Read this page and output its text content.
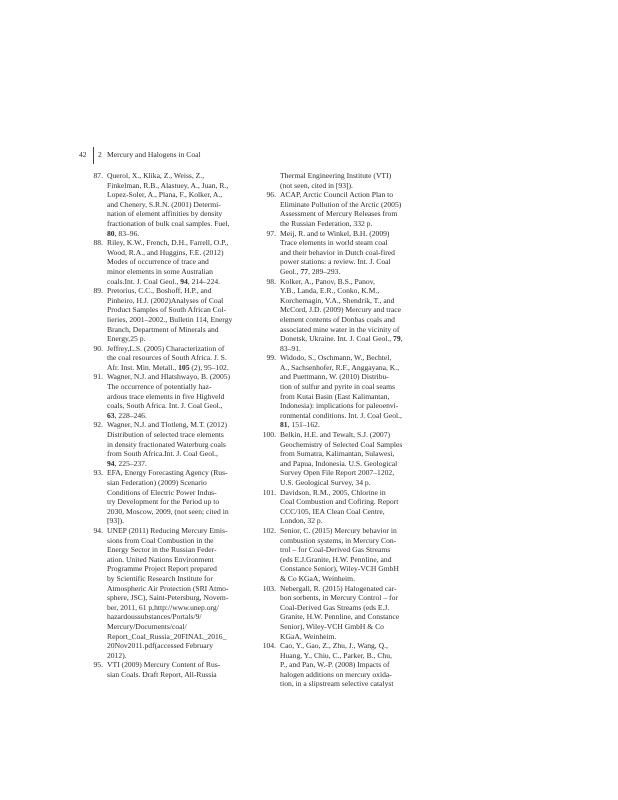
42 2 Mercury and Halogens in Coal
87. Querol, X., Klika, Z., Weiss, Z.,
Finkelman, R.B., Alastuey, A., Juan, R.,
Lopez-Soler, A., Plana, F., Kolker, A.,
and Chenery, S.R.N. (2001) Determi-
nation of element affinities by density
fractionation of bulk coal samples. Fuel,
80, 83–96.
88. Riley, K.W., French, D.H., Farrell, O.P.,
Wood, R.A., and Huggins, F.E. (2012)
Modes of occurrence of trace and
minor elements in some Australian
coals.Int. J. Coal Geol., 94, 214–224.
89. Pretorius, C.C., Boshoff, H.P., and
Pinheiro, H.J. (2002)Analyses of Coal
Product Samples of South African Col-
lieries, 2001–2002., Bulletin 114, Energy
Branch, Department of Minerals and
Energy,25 p.
90. Jeffrey,L.S. (2005) Characterization of
the coal resources of South Africa. J. S.
Afr. Inst. Min. Metall., 105 (2), 95–102.
91. Wagner, N.J. and Hlatshwayo, B. (2005)
The occurrence of potentially haz-
ardous trace elements in five Highveld
coals, South Africa. Int. J. Coal Geol.,
63, 228–246.
92. Wagner, N.J. and Tlotleng, M.T. (2012)
Distribution of selected trace elements
in density fractionated Waterburg coals
from South Africa.Int. J. Coal Geol.,
94, 225–237.
93. EFA, Energy Forecasting Agency (Rus-
sian Federation) (2009) Scenario
Conditions of Electric Power Indus-
try Development for the Period up to
2030, Moscow, 2009, (not seen; cited in
[93]).
94. UNEP (2011) Reducing Mercury Emis-
sions from Coal Combustion in the
Energy Sector in the Russian Feder-
ation. United Nations Environment
Programme Project Report prepared
by Scientific Research Institute for
Atmospheric Air Protection (SRI Atmo-
sphere, JSC), Saint-Petersburg, Novem-
ber, 2011, 61 p,http://www.unep.org/
hazardoussubstances/Portals/9/
Mercury/Documents/coal/
Report_Coal_Russia_20FINAL_2016_
20Nov2011.pdf(accessed February
2012).
95. VTI (2009) Mercury Content of Rus-
sian Coals. Draft Report, All-Russia
Thermal Engineering Institute (VTI)
(not seen, cited in [93]).
96. ACAP, Arctic Council Action Plan to
Eliminate Pollution of the Arctic (2005)
Assessment of Mercury Releases from
the Russian Federation, 332 p.
97. Meij, R. and te Winkel, B.H. (2009)
Trace elements in world steam coal
and their behavior in Dutch coal-fired
power stations: a review. Int. J. Coal
Geol., 77, 289–293.
98. Kolker, A., Panov, B.S., Panov,
Y.B., Landa, E.R., Conko, K.M.,
Korchemagin, V.A., Shendrik, T., and
McCord, J.D. (2009) Mercury and trace
element contents of Donbas coals and
associated mine water in the vicinity of
Donetsk, Ukraine. Int. J. Coal Geol., 79,
83–91.
99. Widodo, S., Oschmann, W., Bechtel,
A., Sachsenhofer, R.F., Anggayana, K.,
and Puettmann, W. (2010) Distribu-
tion of sulfur and pyrite in coal seams
from Kutai Basin (East Kalimantan,
Indonesia): implications for paleoenvi-
ronmental conditions. Int. J. Coal Geol.,
81, 151–162.
100. Belkin, H.E. and Tewalt, S.J. (2007)
Geochemistry of Selected Coal Samples
from Sumatra, Kalimantan, Sulawesi,
and Papua, Indonesia. U.S. Geological
Survey Open File Report 2007–1202,
U.S. Geological Survey, 34 p.
101. Davidson, R.M., 2005, Chlorine in
Coal Combustion and Cofiring. Report
CCC/105, IEA Clean Coal Centre,
London, 32 p.
102. Senior, C. (2015) Mercury behavior in
combustion systems, in Mercury Con-
trol – for Coal-Derived Gas Streams
(eds E.J.Granite, H.W. Pennline, and
Constance Senior), Wiley-VCH GmbH
& Co KGaA, Weinheim.
103. Nebergall, R. (2015) Halogenated car-
bon sorbents, in Mercury Control – for
Coal-Derived Gas Streams (eds E.J.
Granite, H.W. Pennline, and Constance
Senior), Wiley-VCH GmbH & Co
KGaA, Weinheim.
104. Cao, Y., Gao, Z., Zhu, J., Wang, Q.,
Huang, Y., Chiu, C., Parker, B., Chu,
P., and Pan, W.-P. (2008) Impacts of
halogen additions on mercury oxida-
tion, in a slipstream selective catalyst
